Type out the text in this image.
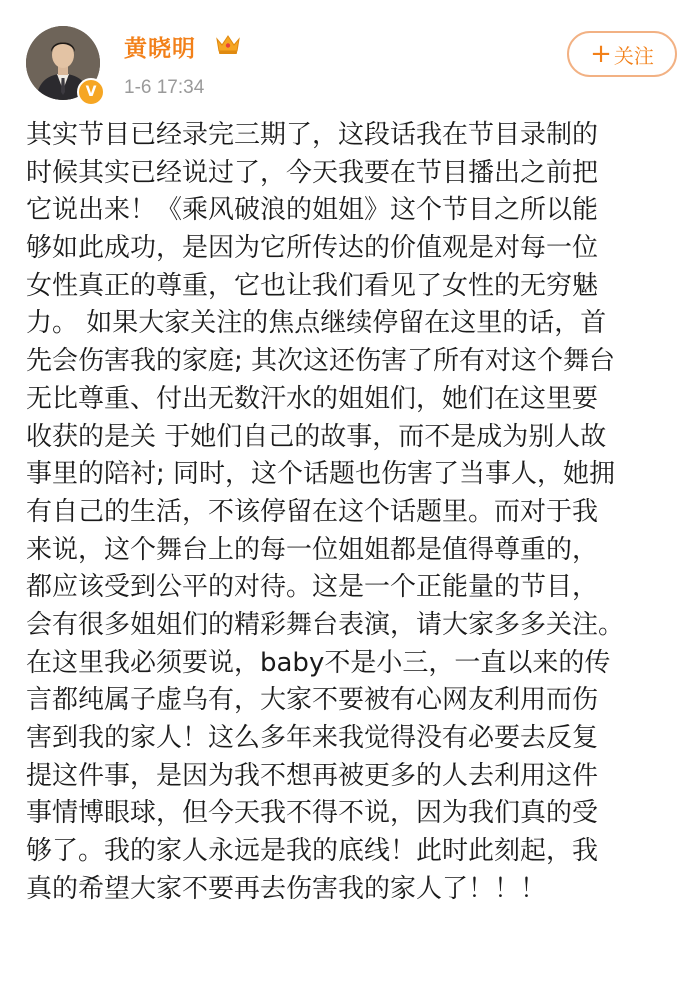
V
黄晓明
1-6 17:34
+ 关注
其实节目已经录完三期了，这段话我在节目录制的
时候其实已经说过了，今天我要在节目播出之前把
它说出来！《乘风破浪的姐姐》这个节目之所以能
够如此成功，是因为它所传达的价值观是对每一位
女性真正的尊重，它也让我们看见了女性的无穷魅
力。 如果大家关注的焦点继续停留在这里的话，首
先会伤害我的家庭; 其次这还伤害了所有对这个舞台
无比尊重、付出无数汗水的姐姐们，她们在这里要
收获的是关 于她们自己的故事，而不是成为别人故
事里的陪衬; 同时，这个话题也伤害了当事人，她拥
有自己的生活，不该停留在这个话题里。而对于我
来说，这个舞台上的每一位姐姐都是值得尊重的，
都应该受到公平的对待。这是一个正能量的节目，
会有很多姐姐们的精彩舞台表演，请大家多多关注。
在这里我必须要说，baby不是小三，一直以来的传
言都纯属子虚乌有，大家不要被有心网友利用而伤
害到我的家人！这么多年来我觉得没有必要去反复
提这件事，是因为我不想再被更多的人去利用这件
事情博眼球，但今天我不得不说，因为我们真的受
够了。我的家人永远是我的底线！此时此刻起，我
真的希望大家不要再去伤害我的家人了！！！
